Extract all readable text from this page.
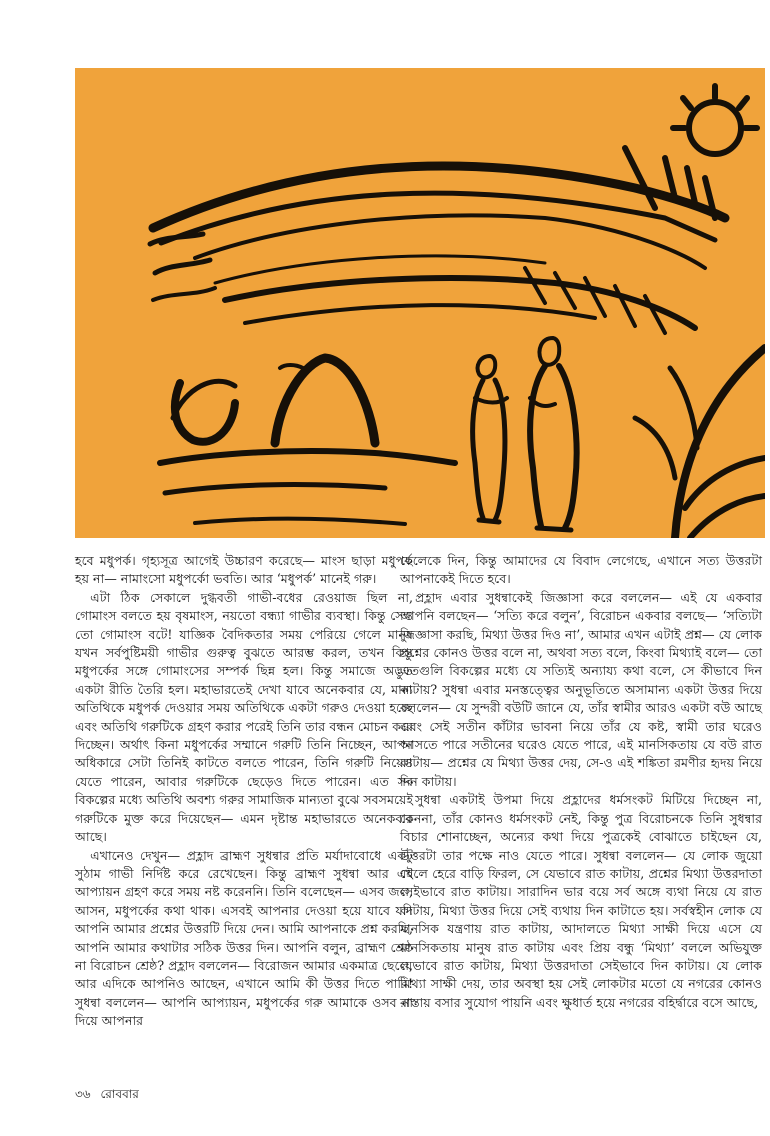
হবে মধুপর্ক। গৃহ্যসূত্র আগেই উচ্চারণ করেছে— মাংস ছাড়া মধুপর্ক হয় না— নামাংসো মধুপর্কো ভবতি। আর ‘মধুপর্ক’ মানেই গরু।

এটা ঠিক সেকালে দুগ্ধবতী গাভী-বধের রেওয়াজ ছিল না, গোমাংস বলতে হয় বৃষমাংস, নয়তো বন্ধ্যা গাভীর ব্যবস্থা। কিন্তু সেও তো গোমাংস বটে! যাজ্ঞিক বৈদিকতার সময় পেরিয়ে গেলে মানুষ যখন সর্বপুষ্টিময়ী গাভীর গুরুত্ব বুঝতে আরম্ভ করল, তখন কিন্তু মধুপর্কের সঙ্গে গোমাংসের সম্পর্ক ছিন্ন হল। কিন্তু সমাজে অদ্ভুত একটা রীতি তৈরি হল। মহাভারতেই দেখা যাবে অনেকবার যে, মান্য অতিথিকে মধুপর্ক দেওয়ার সময় অতিথিকে একটা গরুও দেওয়া হচ্ছে এবং অতিথি গরুটিকে গ্রহণ করার পরেই তিনি তার বন্ধন মোচন করে দিচ্ছেন। অর্থাৎ কিনা মধুপর্কের সম্মানে গরুটি তিনি নিচ্ছেন, আপন অধিকারে সেটা তিনিই কাটতে বলতে পারেন, তিনি গরুটি নিয়েও যেতে পারেন, আবার গরুটিকে ছেড়েও দিতে পারেন। এত সব বিকল্পের মধ্যে অতিথি অবশ্য গরুর সামাজিক মান্যতা বুঝে সবসময়েই গরুটিকে মুক্ত করে দিয়েছেন— এমন দৃষ্টান্ত মহাভারতে অনেকবার আছে।

এখানেও দেখুন— প্রহ্লাদ ব্রাহ্মণ সুধন্বার প্রতি মর্যাদাবোধে একটু সুঠাম গাভী নির্দিষ্ট করে রেখেছেন। কিন্তু ব্রাহ্মণ সুধন্বা আর এই আপ্যায়ন গ্রহণ করে সময় নষ্ট করেননি। তিনি বলেছেন— এসব জল, আসন, মধুপর্কের কথা থাক। এসবই আপনার দেওয়া হয়ে যাবে যদি আপনি আমার প্রশ্নের উত্তরটি দিয়ে দেন। আমি আপনাকে প্রশ্ন করছি, আপনি আমার কথাটার সঠিক উত্তর দিন। আপনি বলুন, ব্রাহ্মণ শ্রেষ্ঠ না বিরোচন শ্রেষ্ঠ? প্রহ্লাদ বললেন— বিরোজন আমার একমাত্র ছেলে, আর এদিকে আপনিও আছেন, এখানে আমি কী উত্তর দিতে পারি! সুধন্বা বললেন— আপনি আপ্যায়ন, মধুপর্কের গরু আমাকে ওসব না দিয়ে আপনার

ছেলেকে দিন, কিন্তু আমাদের যে বিবাদ লেগেছে, এখানে সত্য উত্তরটা আপনাকেই দিতে হবে।

প্রহ্লাদ এবার সুধন্বাকেই জিজ্ঞাসা করে বললেন— এই যে একবার আপনি বলছেন— ‘সত্যি করে বলুন’, বিরোচন একবার বলছে— ‘সত্যিটা জিজ্ঞাসা করছি, মিথ্যা উত্তর দিও না’, আমার এখন এটাই প্রশ্ন— যে লোক প্রশ্নের কোনও উত্তর বলে না, অথবা সত্য বলে, কিংবা মিথ্যাই বলে— তো এতগুলি বিকল্পের মধ্যে যে সত্যিই অন্যায্য কথা বলে, সে কীভাবে দিন কাটায়? সুধন্বা এবার মনস্তত্ত্বের অনুভূতিতে অসামান্য একটা উত্তর দিয়ে বললেন— যে সুন্দরী বউটি জানে যে, তাঁর স্বামীর আরও একটা বউ আছে এবং সেই সতীন কাঁটার ভাবনা নিয়ে তাঁর যে কষ্ট, স্বামী তার ঘরেও আসতে পারে সতীনের ঘরেও যেতে পারে, এই মানসিকতায় যে বউ রাত কাটায়— প্রশ্নের যে মিথ্যা উত্তর দেয়, সে-ও এই শঙ্কিতা রমণীর হৃদয় নিয়ে দিন কাটায়।

সুধন্বা একটাই উপমা দিয়ে প্রহ্লাদের ধর্মসংকট মিটিয়ে দিচ্ছেন না, কেননা, তাঁর কোনও ধর্মসংকট নেই, কিন্তু পুত্র বিরোচনকে তিনি সুধন্বার বিচার শোনাচ্ছেন, অন্যের কথা দিয়ে পুত্রকেই বোঝাতে চাইছেন যে, উত্তরটা তার পক্ষে নাও যেতে পারে। সুধন্বা বললেন— যে লোক জুয়ো খেলে হেরে বাড়ি ফিরল, সে যেভাবে রাত কাটায়, প্রশ্নের মিথ্যা উত্তরদাতা সেইভাবে রাত কাটায়। সারাদিন ভার বয়ে সর্ব অঙ্গে ব্যথা নিয়ে যে রাত কাটায়, মিথ্যা উত্তর দিয়ে সেই ব্যথায় দিন কাটাতে হয়। সর্বস্বহীন লোক যে মানসিক যন্ত্রণায় রাত কাটায়, আদালতে মিথ্যা সাক্ষী দিয়ে এসে যে মানসিকতায় মানুষ রাত কাটায় এবং প্রিয় বন্ধু ‘মিথ্যা’ বললে অভিযুক্ত যেভাবে রাত কাটায়, মিথ্যা উত্তরদাতা সেইভাবে দিন কাটায়। যে লোক মিথ্যা সাক্ষী দেয়, তার অবস্থা হয় সেই লোকটার মতো যে নগরের কোনও রাস্তায় বসার সুযোগ পায়নি এবং ক্ষুধার্ত হয়ে নগরের বহির্দ্বারে বসে আছে,

৩৬ রোববার
